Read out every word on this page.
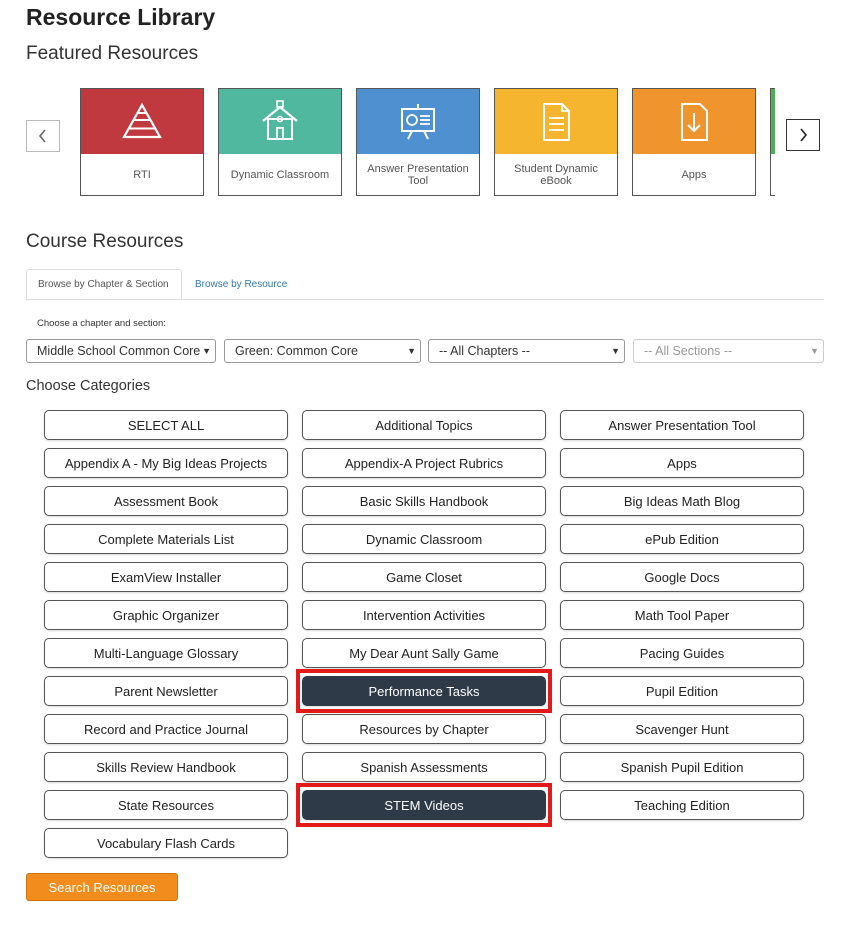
Resource Library
Featured Resources
RTI	Dynamic Classroom	Answer Presentation Tool
Student Dynamic eBook	Apps
Course Resources
Browse by Chapter & Section	Browse by Resource
Choose a chapter and section:
Middle School Common Core ▼	Green: Common Core	▼	-- All Chapters --	▼	-- All Sections --	▼
Choose Categories
SELECT ALL	Additional Topics	Answer Presentation Tool
Appendix A - My Big Ideas Projects	Appendix-A Project Rubrics	Apps
Assessment Book	Basic Skills Handbook	Big Ideas Math Blog
Complete Materials List	Dynamic Classroom	ePub Edition
ExamView Installer	Game Closet	Google Docs
Graphic Organizer	Intervention Activities	Math Tool Paper
Multi-Language Glossary	My Dear Aunt Sally Game	Pacing Guides
Parent Newsletter	Performance Tasks	Pupil Edition
Record and Practice Journal	Resources by Chapter	Scavenger Hunt
Skills Review Handbook	Spanish Assessments	Spanish Pupil Edition
State Resources	STEM Videos	Teaching Edition
Vocabulary Flash Cards
Search Resources
